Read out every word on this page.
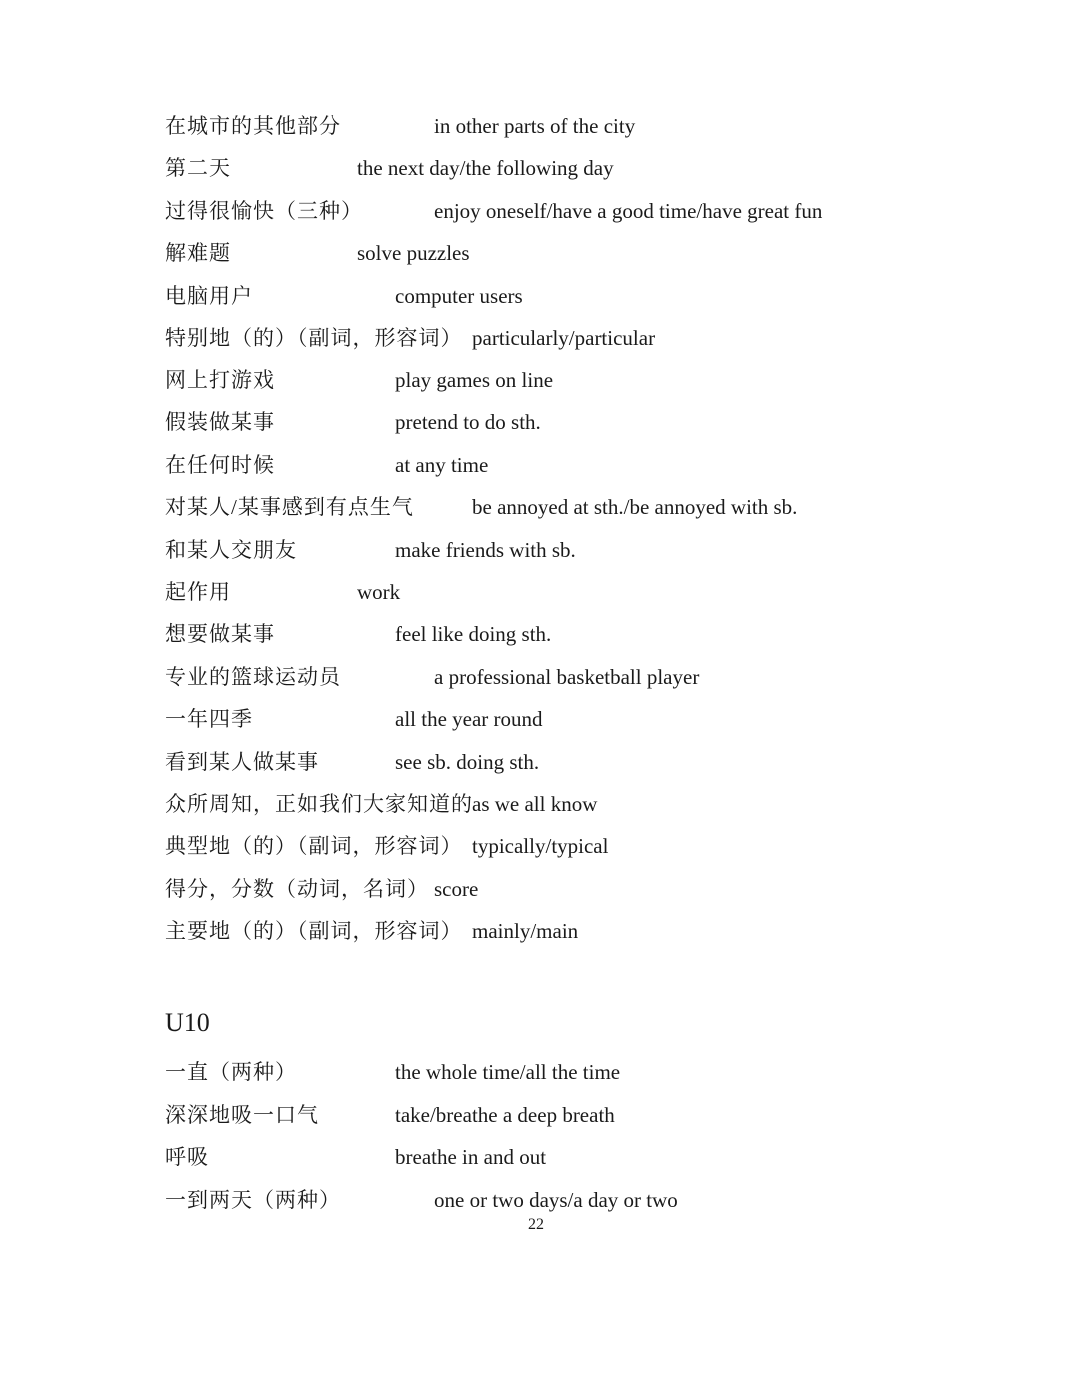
在城市的其他部分	in other parts of the city
第二天	the next day/the following day
过得很愉快（三种）	enjoy oneself/have a good time/have great fun
解难题	solve puzzles
电脑用户	computer users
特别地（的）（副词，形容词） particularly/particular
网上打游戏	play games on line
假装做某事	pretend to do sth.
在任何时候	at any time
对某人/某事感到有点生气	be annoyed at sth./be annoyed with sb.
和某人交朋友	make friends with sb.
起作用	work
想要做某事	feel like doing sth.
专业的篮球运动员	a professional basketball player
一年四季	all the year round
看到某人做某事	see sb. doing sth.
众所周知，正如我们大家知道的 as we all know
典型地（的）（副词，形容词） typically/typical
得分，分数（动词，名词） score
主要地（的）（副词，形容词） mainly/main
U10
一直（两种）	the whole time/all the time
深深地吸一口气	take/breathe a deep breath
呼吸	breathe in and out
一到两天（两种）	one or two days/a day or two
22
